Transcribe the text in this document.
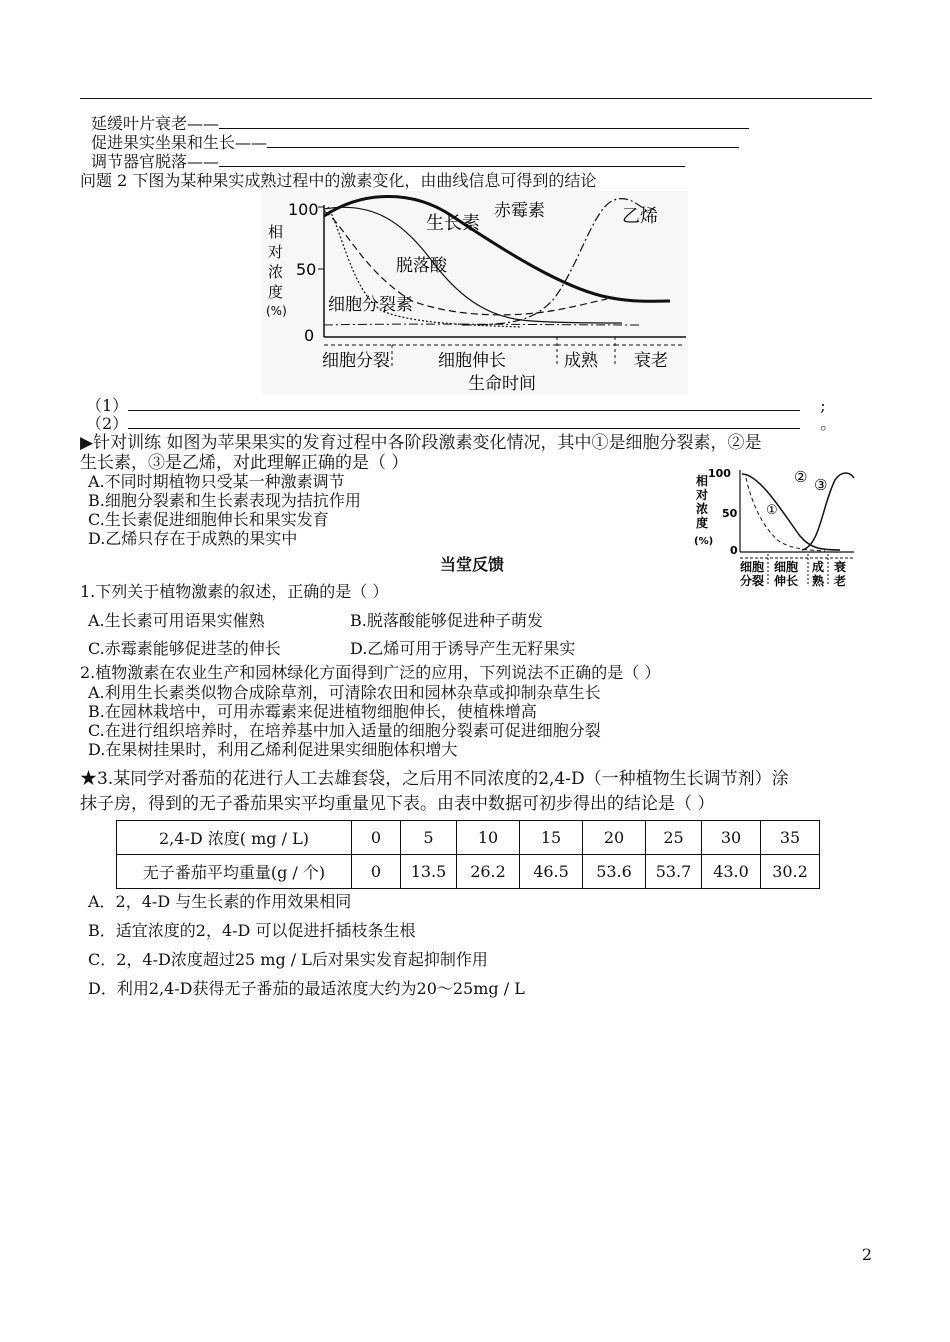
延缓叶片衰老——
促进果实坐果和生长——
调节器官脱落——
问题 2 下图为某种果实成熟过程中的激素变化，由曲线信息可得到的结论
100
50
0
相
对
浓
度
(%)
生长素
赤霉素	乙烯
脱落酸
细胞分裂素
细胞分裂	细胞伸长	成熟 衰老
生命时间
（1）	;
（2）	。
▶针对训练 如图为苹果果实的发育过程中各阶段激素变化情况，其中①是细胞分裂素，②是
生长素，③是乙烯，对此理解正确的是（ ）
A.不同时期植物只受某一种激素调节
B.细胞分裂素和生长素表现为拮抗作用
C.生长素促进细胞伸长和果实发育
D.乙烯只存在于成熟的果实中
100
50
0
相
对
浓
度
(%)
①
② ③
细胞
分裂
细胞
伸长
成
熟
衰
老
当堂反馈
1.下列关于植物激素的叙述，正确的是（ ）
A.生长素可用语果实催熟	B.脱落酸能够促进种子萌发
C.赤霉素能够促进茎的伸长	D.乙烯可用于诱导产生无籽果实
2.植物激素在农业生产和园林绿化方面得到广泛的应用，下列说法不正确的是（ ）
A.利用生长素类似物合成除草剂，可清除农田和园林杂草或抑制杂草生长
B.在园林栽培中，可用赤霉素来促进植物细胞伸长，使植株增高
C.在进行组织培养时，在培养基中加入适量的细胞分裂素可促进细胞分裂
D.在果树挂果时，利用乙烯利促进果实细胞体积增大
★3.某同学对番茄的花进行人工去雄套袋，之后用不同浓度的2,4-D（一种植物生长调节剂）涂
抹子房，得到的无子番茄果实平均重量见下表。由表中数据可初步得出的结论是（ ）
2,4-D 浓度( mg / L)	0	5	10	15	20	25	30	35
无子番茄平均重量(g / 个)	0	13.5	26.2	46.5	53.6	53.7	43.0	30.2
A．2，4-D 与生长素的作用效果相同
B．适宜浓度的2，4-D 可以促进扦插枝条生根
C．2，4-D浓度超过25 mg / L后对果实发育起抑制作用
D．利用2,4-D获得无子番茄的最适浓度大约为20～25mg / L
2
